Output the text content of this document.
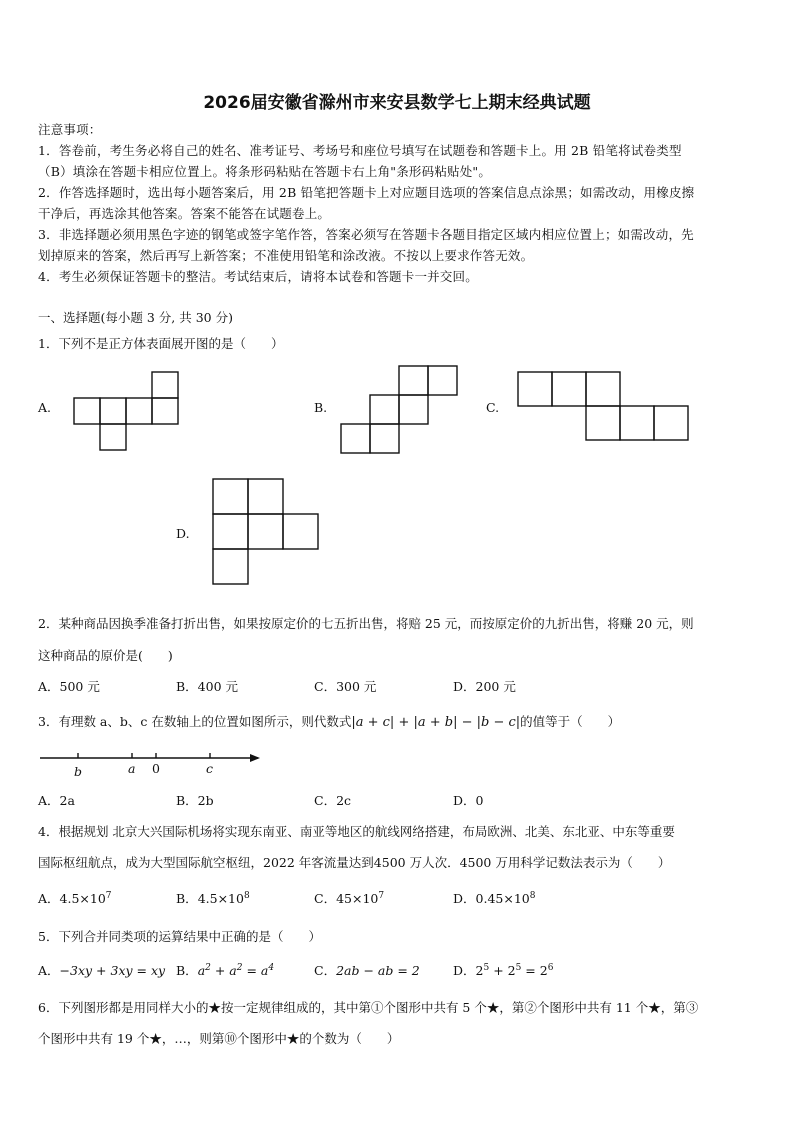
2026届安徽省滁州市来安县数学七上期末经典试题
注意事项：
1．答卷前，考生务必将自己的姓名、准考证号、考场号和座位号填写在试题卷和答题卡上。用 2B 铅笔将试卷类型
（B）填涂在答题卡相应位置上。将条形码粘贴在答题卡右上角"条形码粘贴处"。
2．作答选择题时，选出每小题答案后，用 2B 铅笔把答题卡上对应题目选项的答案信息点涂黑；如需改动，用橡皮擦
干净后，再选涂其他答案。答案不能答在试题卷上。
3．非选择题必须用黑色字迹的钢笔或签字笔作答，答案必须写在答题卡各题目指定区域内相应位置上；如需改动，先
划掉原来的答案，然后再写上新答案；不准使用铅笔和涂改液。不按以上要求作答无效。
4．考生必须保证答题卡的整洁。考试结束后，请将本试卷和答题卡一并交回。
一、选择题(每小题 3 分, 共 30 分)
1．下列不是正方体表面展开图的是（　　）
A.	B.	C.
D.
2．某种商品因换季准备打折出售，如果按原定价的七五折出售，将赔 25 元，而按原定价的九折出售，将赚 20 元，则
这种商品的原价是(　　)
A．500 元	B．400 元	C．300 元	D．200 元
3．有理数 a、b、c 在数轴上的位置如图所示，则代数式|a + c| + |a + b| − |b − c|的值等于（　　）
b	a 0	c
A．2a	B．2b	C．2c	D．0
4．根据规划 北京大兴国际机场将实现东南亚、南亚等地区的航线网络搭建，布局欧洲、北美、东北亚、中东等重要
国际枢纽航点，成为大型国际航空枢纽，2022 年客流量达到4500 万人次．4500 万用科学记数法表示为（　　）
A．$4.5\times 10^7$	B．$4.5\times 10^8$	C．$45\times 10^7$	D．$0.45\times 10^8$
5．下列合并同类项的运算结果中正确的是（　　）
A．−3xy + 3xy = xy B．$a^2 + a^2 = a^4$	C．2ab − ab = 2	D．$2^5 + 2^5 = 2^6$
6．下列图形都是用同样大小的★按一定规律组成的，其中第①个图形中共有 5 个★，第②个图形中共有 11 个★，第③
个图形中共有 19 个★，…，则第⑩个图形中★的个数为（　　）
